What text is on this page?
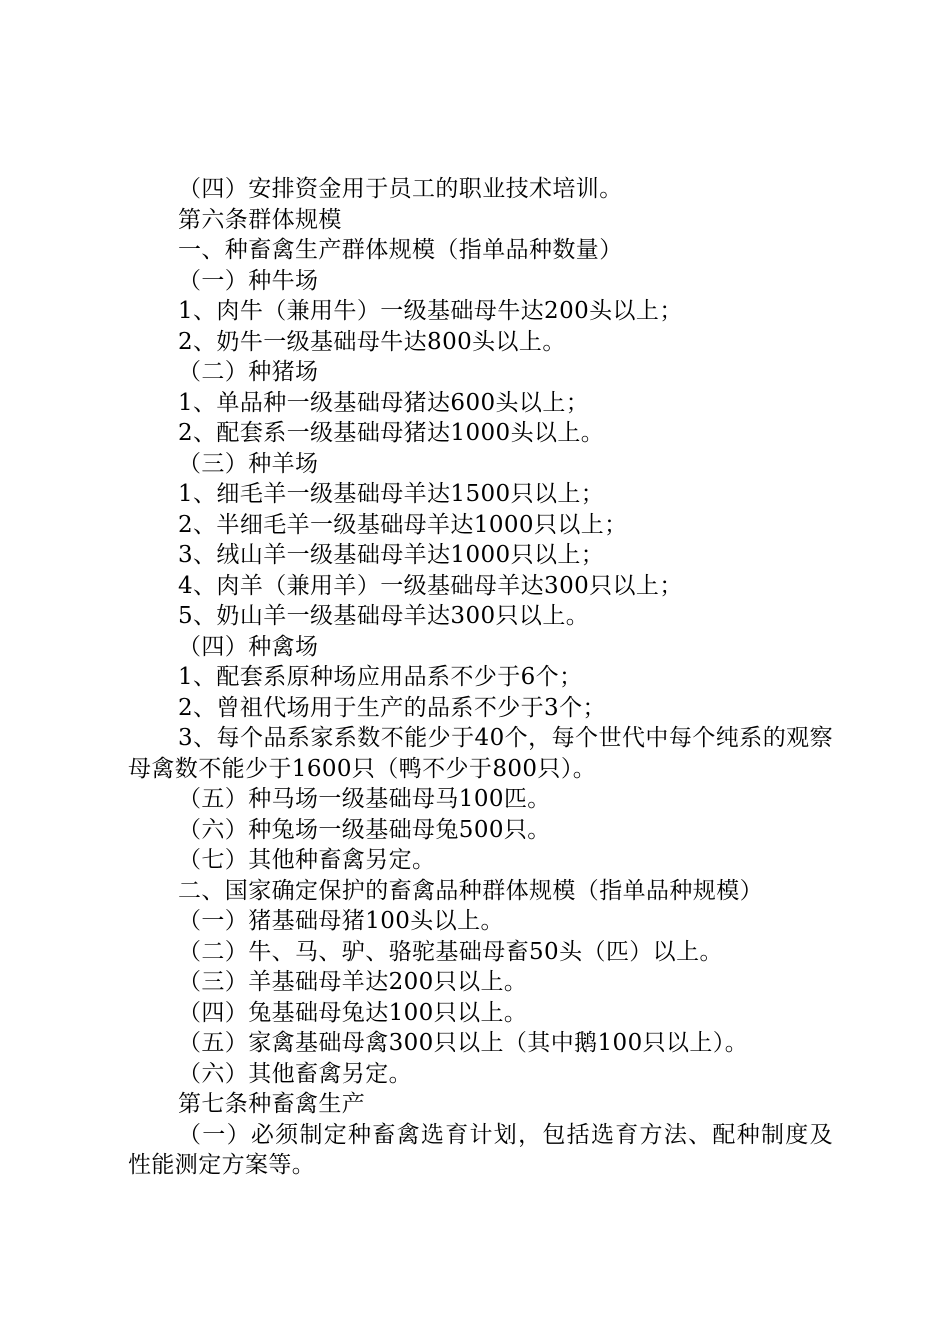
（四）安排资金用于员工的职业技术培训。

第六条群体规模

一、种畜禽生产群体规模（指单品种数量）

（一）种牛场

1、肉牛（兼用牛）一级基础母牛达200头以上；

2、奶牛一级基础母牛达800头以上。

（二）种猪场

1、单品种一级基础母猪达600头以上；

2、配套系一级基础母猪达1000头以上。

（三）种羊场

1、细毛羊一级基础母羊达1500只以上；

2、半细毛羊一级基础母羊达1000只以上；

3、绒山羊一级基础母羊达1000只以上；

4、肉羊（兼用羊）一级基础母羊达300只以上；

5、奶山羊一级基础母羊达300只以上。

（四）种禽场

1、配套系原种场应用品系不少于6个；

2、曾祖代场用于生产的品系不少于3个；

3、每个品系家系数不能少于40个，每个世代中每个纯系的观察母禽数不能少于1600只（鸭不少于800只）。

（五）种马场一级基础母马100匹。

（六）种兔场一级基础母兔500只。

（七）其他种畜禽另定。

二、国家确定保护的畜禽品种群体规模（指单品种规模）

（一）猪基础母猪100头以上。

（二）牛、马、驴、骆驼基础母畜50头（匹）以上。

（三）羊基础母羊达200只以上。

（四）兔基础母兔达100只以上。

（五）家禽基础母禽300只以上（其中鹅100只以上）。

（六）其他畜禽另定。

第七条种畜禽生产

（一）必须制定种畜禽选育计划，包括选育方法、配种制度及性能测定方案等。
